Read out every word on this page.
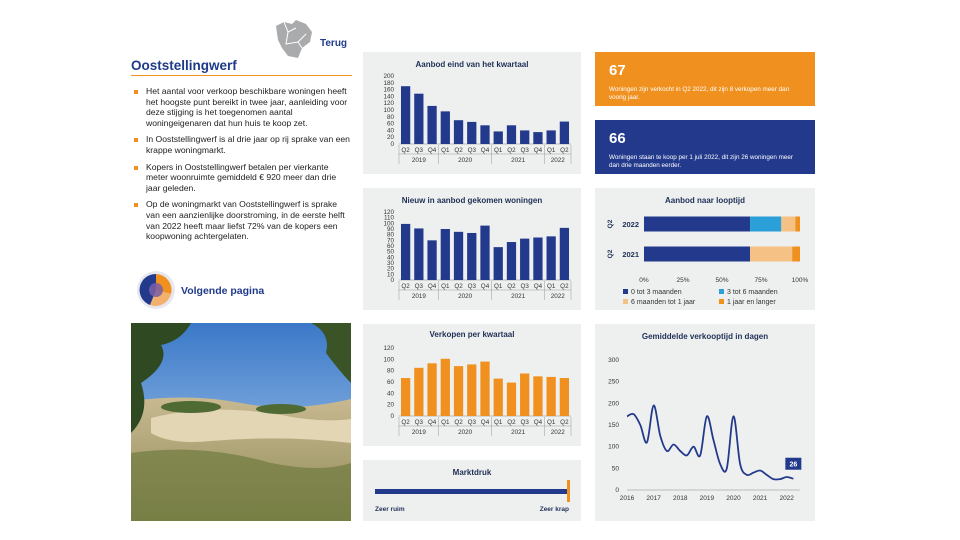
Terug
Ooststellingwerf
Het aantal voor verkoop beschikbare woningen heeft het hoogste punt bereikt in twee jaar, aanleiding voor deze stijging is het toegenomen aantal woningeigenaren dat hun huis te koop zet.
In Ooststellingwerf is al drie jaar op rij sprake van een krappe woningmarkt.
Kopers in Ooststellingwerf betalen per vierkante meter woonruimte gemiddeld € 920 meer dan drie jaar geleden.
Op de woningmarkt van Ooststellingwerf is sprake van een aanzienlijke doorstroming, in de eerste helft van 2022 heeft maar liefst 72% van de kopers een koopwoning achtergelaten.
Volgende pagina
Aanbod eind van het kwartaal
0
20
40
60
80
100
120
140
160
180
200
Q2 Q3 Q4 Q1 Q2 Q3 Q4 Q1 Q2 Q3 Q4 Q1 Q2
2019	2020	2021	2022
Nieuw in aanbod gekomen woningen
0
10
20
30
40
50
60
70
80
90
100
110
120
Q2 Q3 Q4 Q1 Q2 Q3 Q4 Q1 Q2 Q3 Q4 Q1 Q2
2019	2020	2021	2022
Verkopen per kwartaal
0
20
40
60
80
100
120
Q2 Q3 Q4 Q1 Q2 Q3 Q4 Q1 Q2 Q3 Q4 Q1 Q2
2019	2020	2021	2022
Marktdruk
Zeer ruim	Zeer krap
67
Woningen zijn verkocht in Q2 2022, dit zijn 8 verkopen meer dan voorig jaar.
66
Woningen staan te koop per 1 juli 2022, dit zijn 26 woningen meer dan drie maanden eerder.
Aanbod naar looptijd
2022
Q2
2021
Q2
0%	25%	50%	75%	100%
0 tot 3 maanden	3 tot 6 maanden
6 maanden tot 1 jaar	1 jaar en langer
Gemiddelde verkooptijd in dagen
0
50
100
150
200
250
300
2016 2017 2018 2019 2020 2021 2022
26
